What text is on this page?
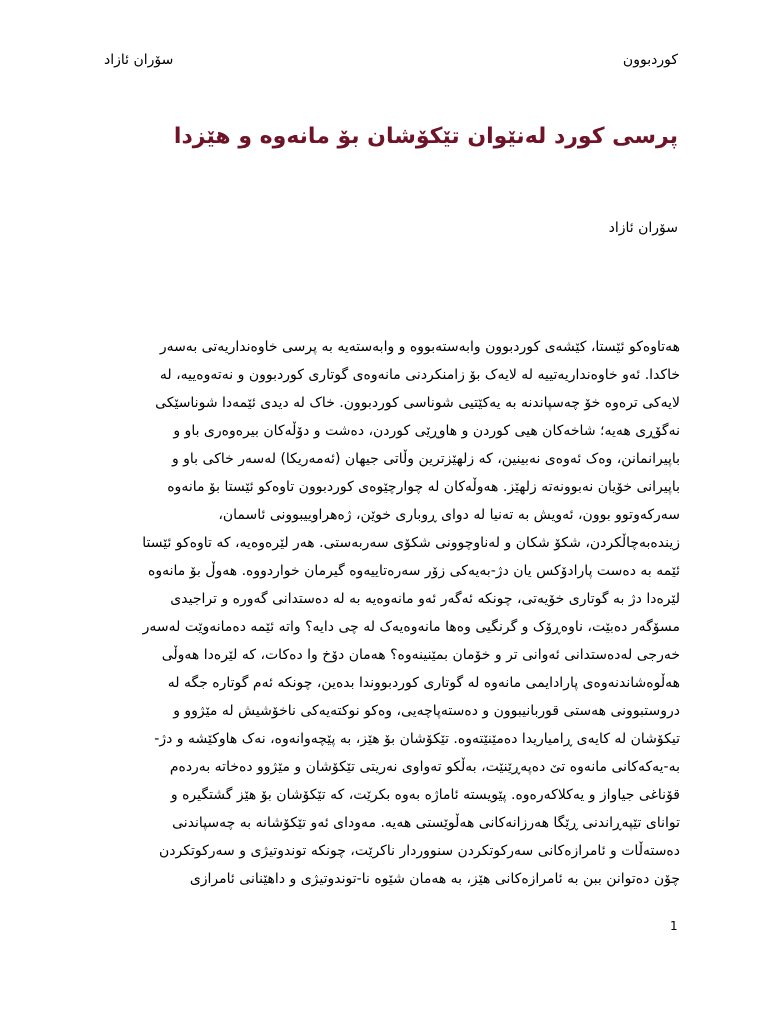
سۆران ئازاد	كوردبوون
پرسی کورد لەنێوان تێکۆشان بۆ مانەوە و هێزدا
سۆران ئازاد
هەتاوەکو ئێستا، کێشەی کوردبوون وابەستەبووە و وابەستەیە بە پرسی خاوەنداریەتی بەسەر
خاکدا. ئەو خاوەنداریەتییە لە لایەک بۆ زامنکردنی مانەوەی گوتاری کوردبوون و نەتەوەییە، لە
لایەکی ترەوە خۆ چەسپاندنە بە یەکێتیی شوناسی کوردبوون. خاک لە دیدی ئێمەدا شوناسێکی
نەگۆڕی هەیە؛ شاخەکان هیی کوردن و هاوڕێی کوردن، دەشت و دۆڵەکان بیرەوەری باو و
باپیرانمانن، وەک ئەوەی نەبینین، کە زلهێزترین وڵاتی جیهان (ئەمەریکا) لەسەر خاکی باو و
باپیرانی خۆیان نەبوونەتە زلهێز. هەوڵەکان لە چوارچێوەی کوردبوون تاوەکو ئێستا بۆ مانەوە
سەرکەوتوو بوون، ئەویش بە تەنیا لە دوای ڕوباری خوێن، ژەهراوییبوونی ئاسمان،
زیندەبەچاڵکردن، شکۆ شکان و لەناوچوونی شکۆی سەربەستی. هەر لێرەوەیە، کە تاوەکو ئێستا
ئێمە بە دەست پارادۆکس یان دژ-بەیەکی زۆر سەرەتاییەوە گیرمان خواردووە. هەوڵ بۆ مانەوە
لێرەدا دژ بە گوتاری خۆیەتی، چونکە ئەگەر ئەو مانەوەیە بە لە دەستدانی گەورە و تراجیدی
مسۆگەر دەبێت، ناوەڕۆک و گرنگیی وەها مانەوەیەک لە چی دایە؟ واتە ئێمە دەمانەوێت لەسەر
خەرجی لەدەستدانی ئەوانی تر و خۆمان بمێنینەوە؟ هەمان دۆخ وا دەکات، کە لێرەدا هەوڵی
هەڵوەشاندنەوەی پارادایمی مانەوە لە گوتاری کوردبووندا بدەین، چونکە ئەم گوتارە جگە لە
دروستبوونی هەستی قوربانیبوون و دەستەپاچەیی، وەکو نوکتەیەکی ناخۆشیش لە مێژوو و
تیکۆشان لە کایەی ڕامیاریدا دەمێنێتەوە. تێکۆشان بۆ هێز، بە پێچەوانەوە، نەک هاوکێشە و دژ-
بە-یەکەکانی مانەوە تێ دەپەڕێنێت، بەڵکو تەواوی نەریتی تێکۆشان و مێژوو دەخاتە بەردەم
قۆناغی جیاواز و یەکلاکەرەوە. پێویستە ئاماژە بەوە بکرێت، کە تێکۆشان بۆ هێز گشتگیرە و
توانای تێپەڕاندنی ڕێگا هەرزانەکانی هەڵوێستی هەیە. مەودای ئەو تێکۆشانە بە چەسپاندنی
دەستەڵات و ئامرازەکانی سەرکوتکردن سنووردار ناکرێت، چونکە توندوتیژی و سەرکوتکردن
چۆن دەتوانن ببن بە ئامرازەکانی هێز، بە هەمان شێوە نا-توندوتیژی و داهێنانی ئامرازی
1
